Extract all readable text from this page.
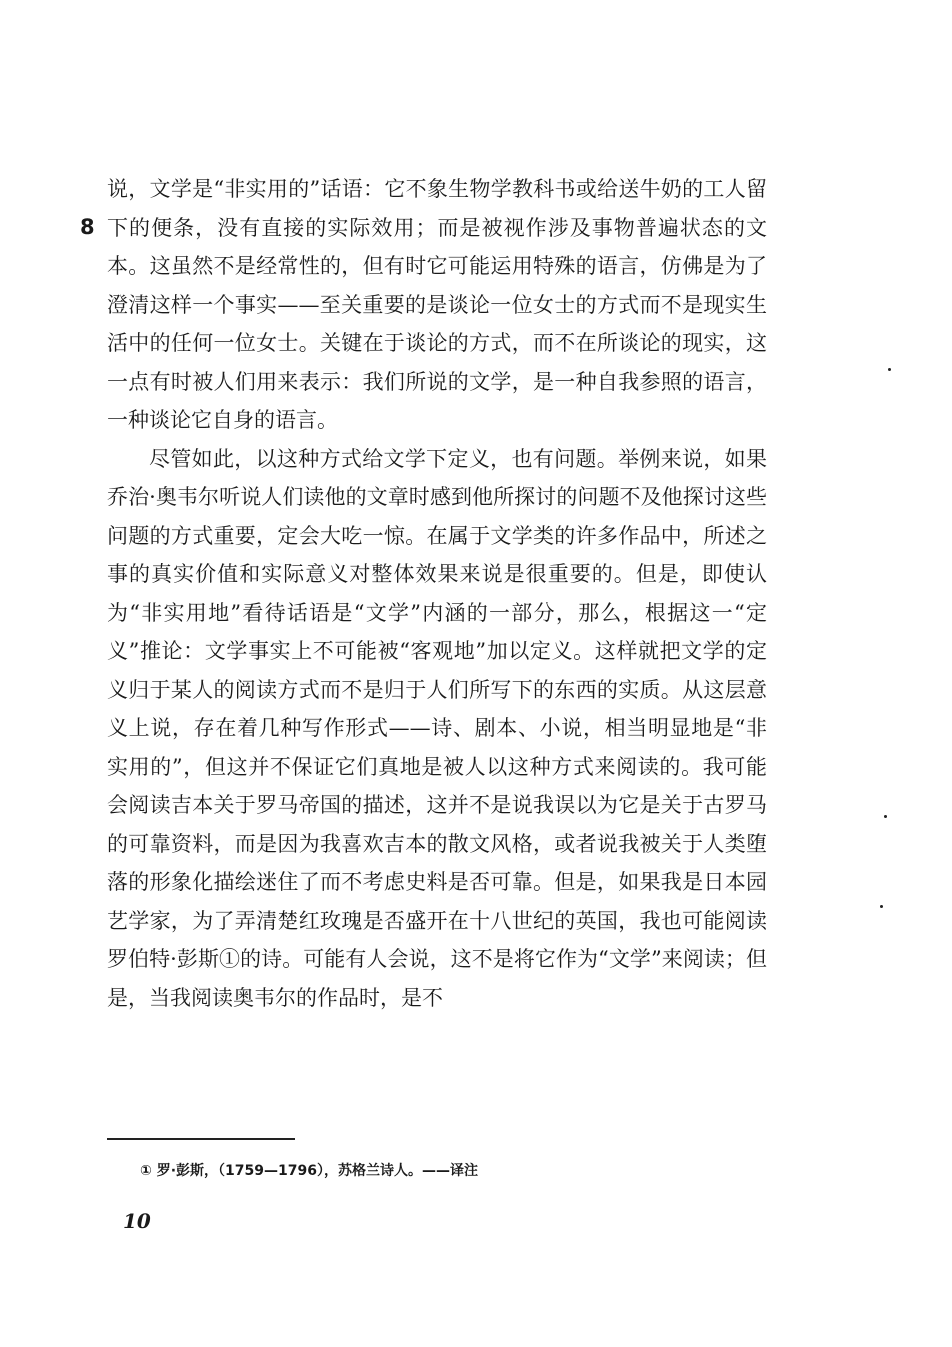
8

说，文学是“非实用的”话语：它不象生物学教科书或给送牛奶的工人留下的便条，没有直接的实际效用；而是被视作涉及事物普遍状态的文本。这虽然不是经常性的，但有时它可能运用特殊的语言，仿佛是为了澄清这样一个事实——至关重要的是谈论一位女士的方式而不是现实生活中的任何一位女士。关键在于谈论的方式，而不在所谈论的现实，这一点有时被人们用来表示：我们所说的文学，是一种自我参照的语言，一种谈论它自身的语言。

尽管如此，以这种方式给文学下定义，也有问题。举例来说，如果乔治·奥韦尔听说人们读他的文章时感到他所探讨的问题不及他探讨这些问题的方式重要，定会大吃一惊。在属于文学类的许多作品中，所述之事的真实价值和实际意义对整体效果来说是很重要的。但是，即使认为“非实用地”看待话语是“文学”内涵的一部分，那么，根据这一“定义”推论：文学事实上不可能被“客观地”加以定义。这样就把文学的定义归于某人的阅读方式而不是归于人们所写下的东西的实质。从这层意义上说，存在着几种写作形式——诗、剧本、小说，相当明显地是“非实用的”，但这并不保证它们真地是被人以这种方式来阅读的。我可能会阅读吉本关于罗马帝国的描述，这并不是说我误以为它是关于古罗马的可靠资料，而是因为我喜欢吉本的散文风格，或者说我被关于人类堕落的形象化描绘迷住了而不考虑史料是否可靠。但是，如果我是日本园艺学家，为了弄清楚红玫瑰是否盛开在十八世纪的英国，我也可能阅读罗伯特·彭斯①的诗。可能有人会说，这不是将它作为“文学”来阅读；但是，当我阅读奥韦尔的作品时，是不

① 罗·彭斯，（1759—1796），苏格兰诗人。——译注
10
